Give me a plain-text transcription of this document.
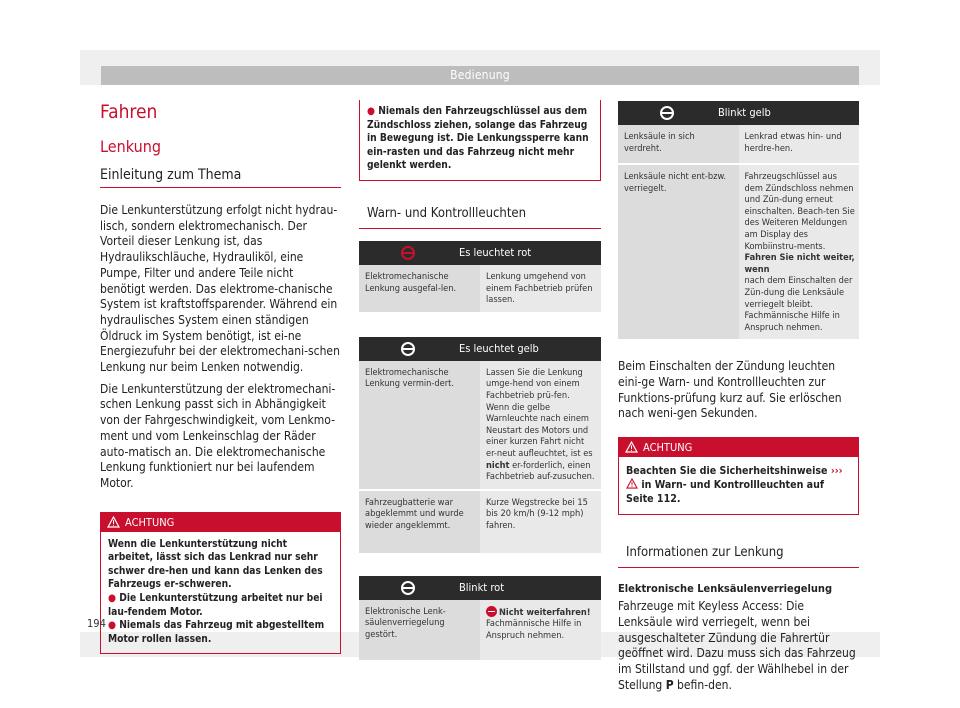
Bedienung
Fahren
Lenkung
Einleitung zum Thema

Die Lenkunterstützung erfolgt nicht hydrau-lisch, sondern elektromechanisch. Der Vorteil dieser Lenkung ist, das Hydraulikschläuche, Hydrauliköl, eine Pumpe, Filter und andere Teile nicht benötigt werden. Das elektrome-chanische System ist kraftstoffsparender. Während ein hydraulisches System einen ständigen Öldruck im System benötigt, ist ei-ne Energiezufuhr bei der elektromechani-schen Lenkung nur beim Lenken notwendig.

Die Lenkunterstützung der elektromechani-schen Lenkung passt sich in Abhängigkeit von der Fahrgeschwindigkeit, vom Lenkmo-ment und vom Lenkeinschlag der Räder auto-matisch an. Die elektromechanische Lenkung funktioniert nur bei laufendem Motor.

ACHTUNG

Wenn die Lenkunterstützung nicht arbeitet, lässt sich das Lenkrad nur sehr schwer dre-hen und kann das Lenken des Fahrzeugs er-schweren.

● Die Lenkunterstützung arbeitet nur bei lau-fendem Motor.

● Niemals das Fahrzeug mit abgestelltem Motor rollen lassen.

● Niemals den Fahrzeugschlüssel aus dem Zündschloss ziehen, solange das Fahrzeug in Bewegung ist. Die Lenkungssperre kann ein-rasten und das Fahrzeug nicht mehr gelenkt werden.

Warn- und Kontrollleuchten
Es leuchtet rot

Elektromechanische Lenkung ausgefal-len.	Lenkung umgehend von einem Fachbetrieb prüfen lassen.
Es leuchtet gelb	

Elektromechanische Lenkung vermin-dert.	Lassen Sie die Lenkung umge-hend von einem Fachbetrieb prü-fen.
Wenn die gelbe Warnleuchte nach einem Neustart des Motors und einer kurzen Fahrt nicht er-neut aufleuchtet, ist es nicht er-forderlich, einen Fachbetrieb auf-zusuchen.
Fahrzeugbatterie war abgeklemmt und wurde wieder angeklemmt.	Kurze Wegstrecke bei 15 bis 20 km/h (9-12 mph) fahren.
Blinkt rot

Elektronische Lenk-säulenverriegelung gestört.	Nicht weiterfahren!
Fachmännische Hilfe in Anspruch nehmen.
Blinkt gelb	

Lenksäule in sich verdreht.	Lenkrad etwas hin- und herdre-hen.
Lenksäule nicht ent-bzw. verriegelt.	Fahrzeugschlüssel aus dem Zündschloss nehmen und Zün-dung erneut einschalten. Beach-ten Sie des Weiteren Meldungen am Display des Kombiinstru-ments.
Fahren Sie nicht weiter, wenn
nach dem Einschalten der Zün-dung die Lenksäule verriegelt bleibt. Fachmännische Hilfe in Anspruch nehmen.

Beim Einschalten der Zündung leuchten eini-ge Warn- und Kontrollleuchten zur Funktions-prüfung kurz auf. Sie erlöschen nach weni-gen Sekunden.

ACHTUNG
Beachten Sie die Sicherheitshinweise ›››  in Warn- und Kontrollleuchten auf Seite 112.
Informationen zur Lenkung
Elektronische Lenksäulenverriegelung

Fahrzeuge mit Keyless Access: Die Lenksäule wird verriegelt, wenn bei ausgeschalteter Zündung die Fahrertür geöffnet wird. Dazu muss sich das Fahrzeug im Stillstand und ggf. der Wählhebel in der Stellung P befin-den.

194
